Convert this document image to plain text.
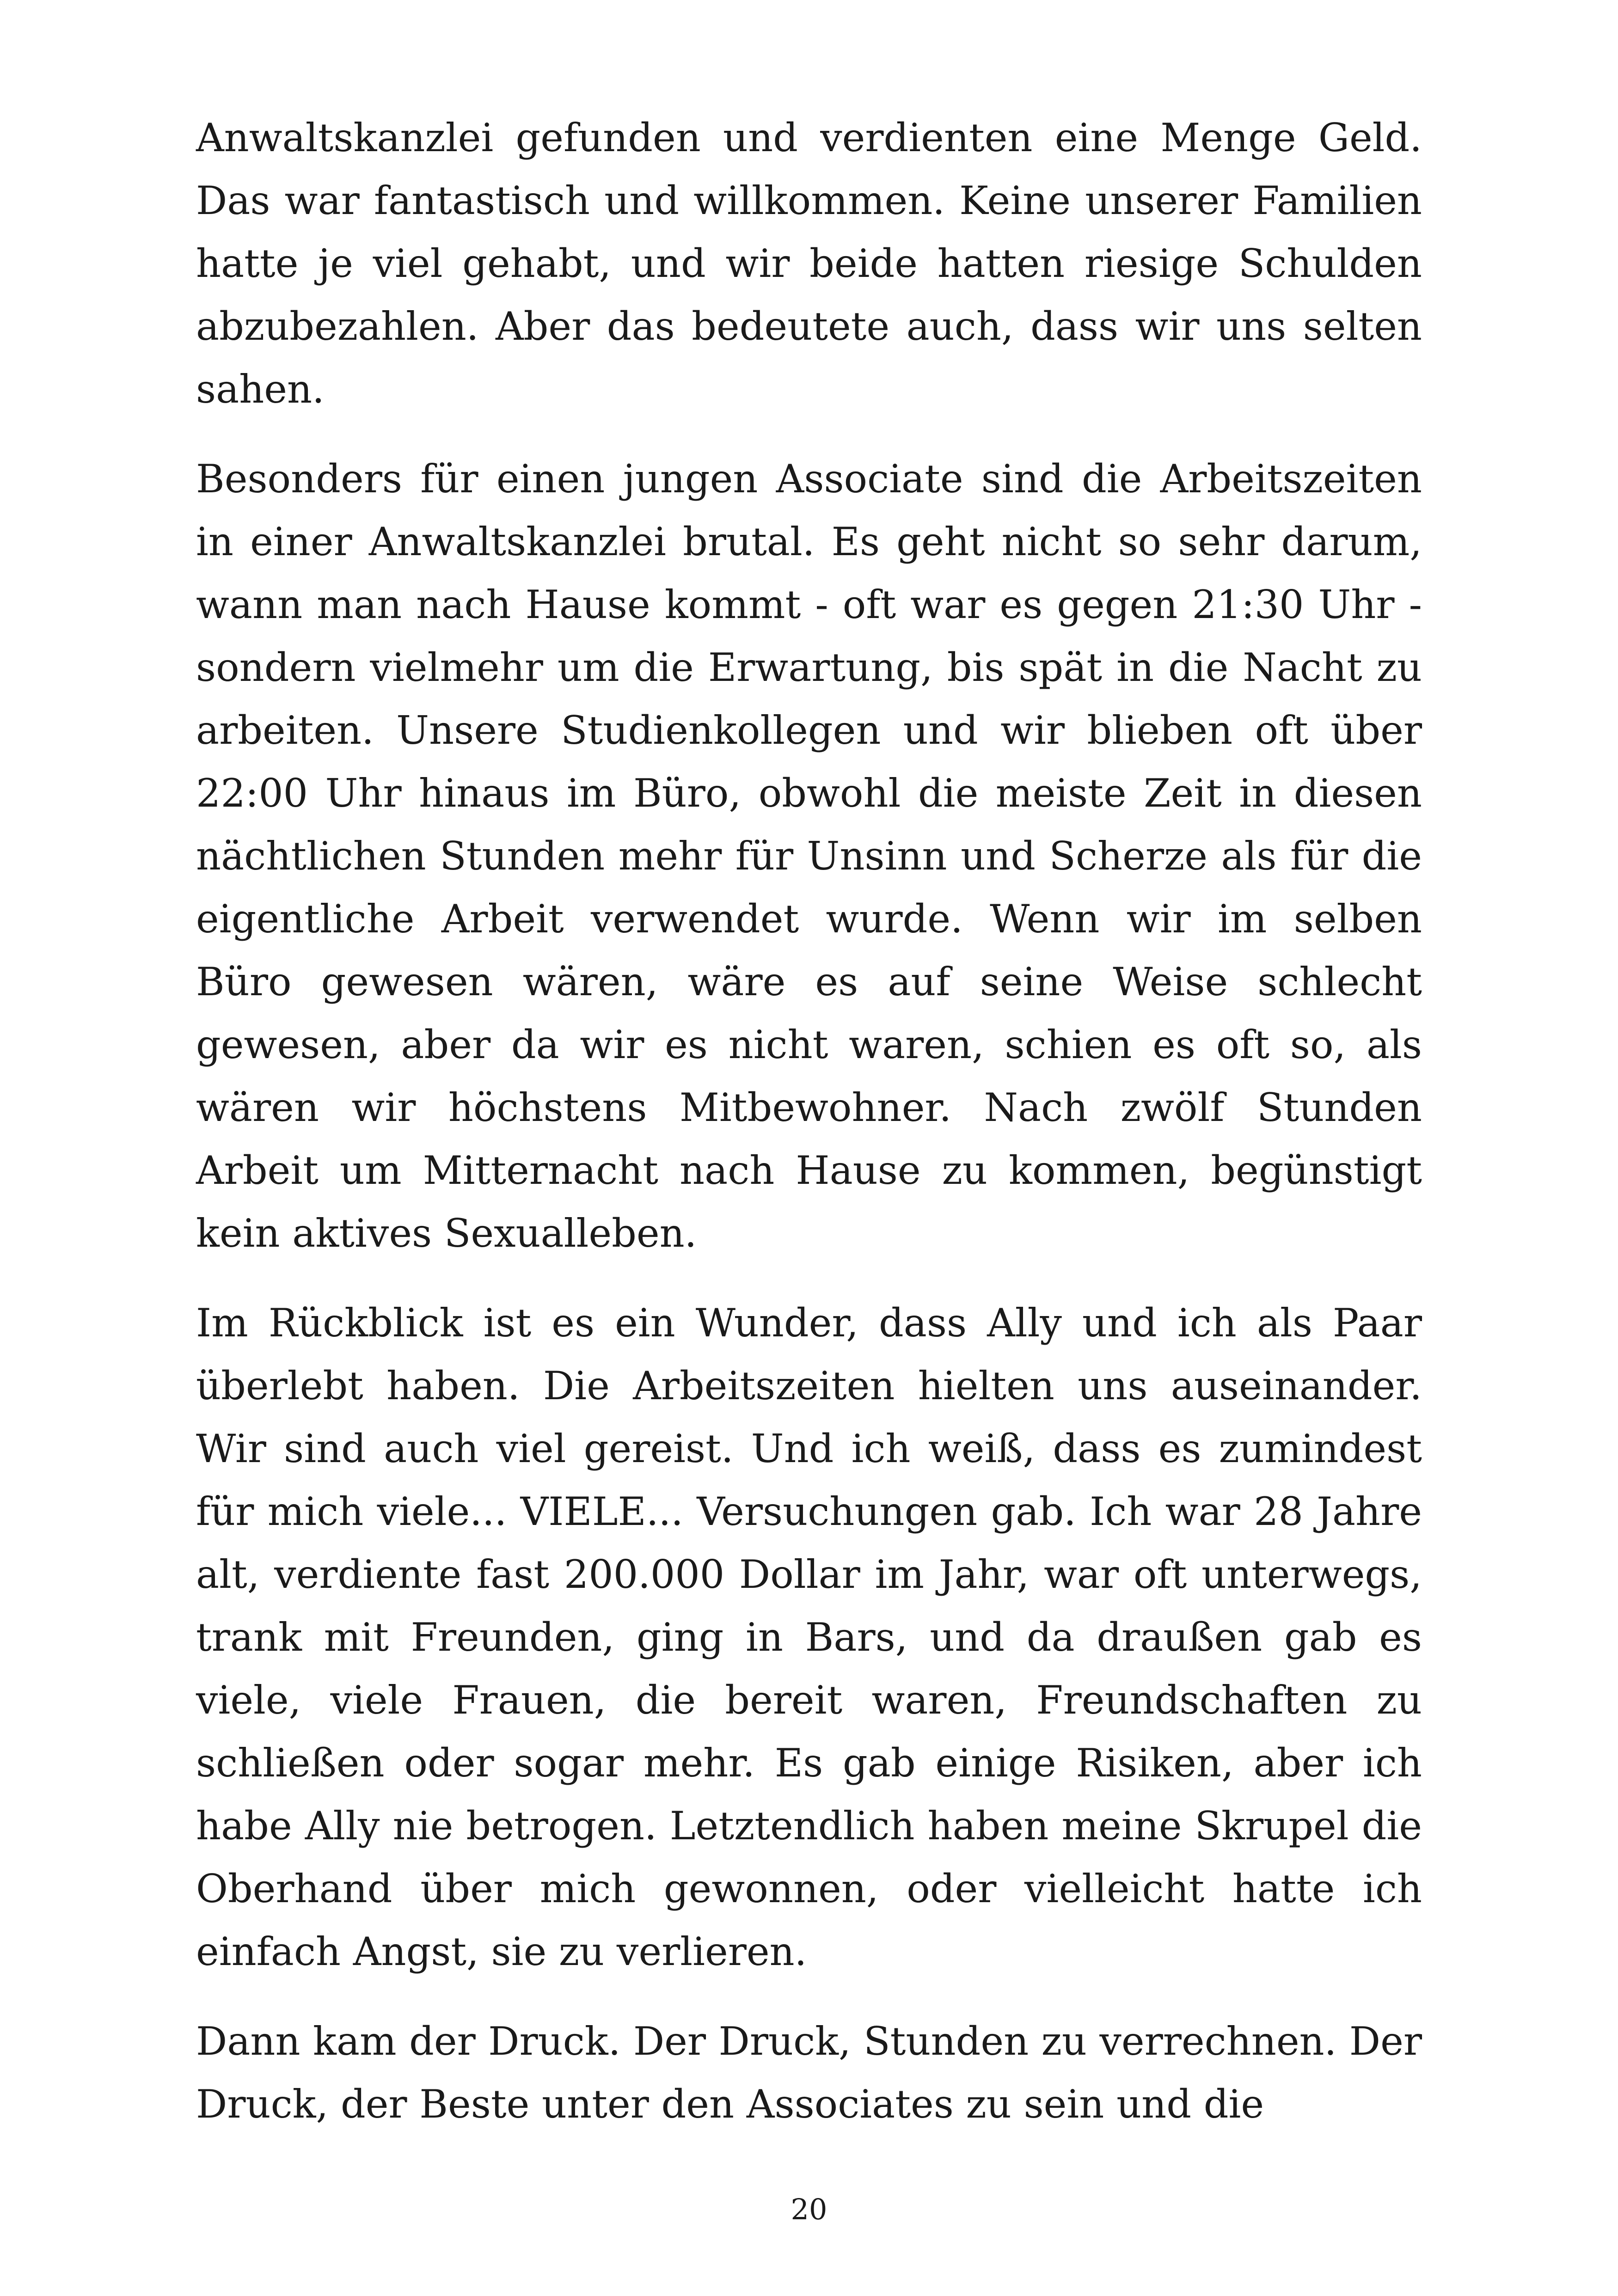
Anwaltskanzlei gefunden und verdienten eine Menge Geld. Das war fantastisch und willkommen. Keine unserer Familien hatte je viel gehabt, und wir beide hatten riesige Schulden abzubezahlen. Aber das bedeutete auch, dass wir uns selten sahen.

Besonders für einen jungen Associate sind die Arbeitszeiten in einer Anwaltskanzlei brutal. Es geht nicht so sehr darum, wann man nach Hause kommt - oft war es gegen 21:30 Uhr - sondern vielmehr um die Erwartung, bis spät in die Nacht zu arbeiten. Unsere Studienkollegen und wir blieben oft über 22:00 Uhr hinaus im Büro, obwohl die meiste Zeit in diesen nächtlichen Stunden mehr für Unsinn und Scherze als für die eigentliche Arbeit verwendet wurde. Wenn wir im selben Büro gewesen wären, wäre es auf seine Weise schlecht gewesen, aber da wir es nicht waren, schien es oft so, als wären wir höchstens Mitbewohner. Nach zwölf Stunden Arbeit um Mitternacht nach Hause zu kommen, begünstigt kein aktives Sexualleben.

Im Rückblick ist es ein Wunder, dass Ally und ich als Paar überlebt haben. Die Arbeitszeiten hielten uns auseinander. Wir sind auch viel gereist. Und ich weiß, dass es zumindest für mich viele... VIELE... Versuchungen gab. Ich war 28 Jahre alt, verdiente fast 200.000 Dollar im Jahr, war oft unterwegs, trank mit Freunden, ging in Bars, und da draußen gab es viele, viele Frauen, die bereit waren, Freundschaften zu schließen oder sogar mehr. Es gab einige Risiken, aber ich habe Ally nie betrogen. Letztendlich haben meine Skrupel die Oberhand über mich gewonnen, oder vielleicht hatte ich einfach Angst, sie zu verlieren.

Dann kam der Druck. Der Druck, Stunden zu verrechnen. Der Druck, der Beste unter den Associates zu sein und die

20
